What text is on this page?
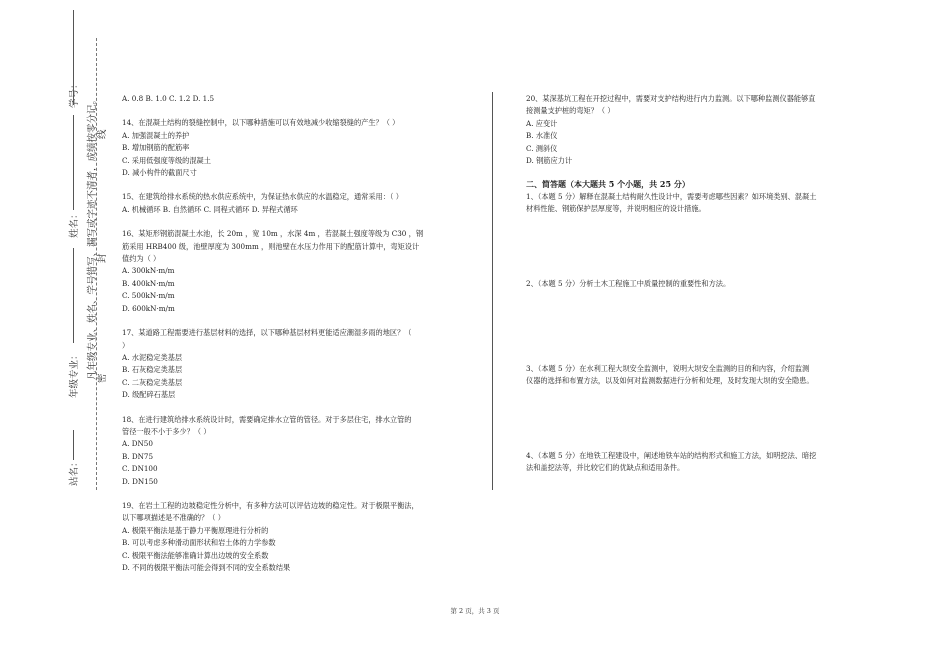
学号：
姓名：
年级专业：
站名：
凡年级专业、姓名、学号错写、漏写或字迹不清者，成绩按零分记。 线
封
密

A. 0.8 B. 1.0 C. 1.2 D. 1.5

14、在混凝土结构的裂缝控制中，以下哪种措施可以有效地减少收缩裂缝的产生？（ ）

A. 加强混凝土的养护

B. 增加钢筋的配筋率

C. 采用低强度等级的混凝土

D. 减小构件的截面尺寸

15、在建筑给排水系统的热水供应系统中，为保证热水供应的水温稳定，通常采用：（ ）

A. 机械循环 B. 自然循环 C. 同程式循环 D. 异程式循环

16、某矩形钢筋混凝土水池，长 20m ，宽 10m ，水深 4m ，若混凝土强度等级为 C30 ，钢

筋采用 HRB400 级，池壁厚度为 300mm ，则池壁在水压力作用下的配筋计算中，弯矩设计

值约为（ ）

A. 300kN·m/m

B. 400kN·m/m

C. 500kN·m/m

D. 600kN·m/m

17、某道路工程需要进行基层材料的选择，以下哪种基层材料更能适应潮湿多雨的地区？（

）

A. 水泥稳定类基层

B. 石灰稳定类基层

C. 二灰稳定类基层

D. 级配碎石基层

18、在进行建筑给排水系统设计时，需要确定排水立管的管径。对于多层住宅，排水立管的

管径一般不小于多少？（ ）

A. DN50

B. DN75

C. DN100

D. DN150

19、在岩土工程的边坡稳定性分析中，有多种方法可以评估边坡的稳定性。对于极限平衡法，

以下哪项描述是不准确的？（ ）

A. 极限平衡法是基于静力平衡原理进行分析的

B. 可以考虑多种滑动面形状和岩土体的力学参数

C. 极限平衡法能够准确计算出边坡的安全系数

D. 不同的极限平衡法可能会得到不同的安全系数结果

20、某深基坑工程在开挖过程中，需要对支护结构进行内力监测。以下哪种监测仪器能够直

接测量支护桩的弯矩？（ ）

A. 应变计

B. 水准仪

C. 测斜仪

D. 钢筋应力计

二、简答题（本大题共 5 个小题，共 25 分）

1、（本题 5 分）解释在混凝土结构耐久性设计中，需要考虑哪些因素？如环境类别、混凝土

材料性能、钢筋保护层厚度等，并说明相应的设计措施。

2、（本题 5 分）分析土木工程施工中质量控制的重要性和方法。

3、（本题 5 分）在水利工程大坝安全监测中，说明大坝安全监测的目的和内容，介绍监测

仪器的选择和布置方法，以及如何对监测数据进行分析和处理，及时发现大坝的安全隐患。

4、（本题 5 分）在地铁工程建设中，阐述地铁车站的结构形式和施工方法，如明挖法、暗挖

法和盖挖法等，并比较它们的优缺点和适用条件。

第 2 页，共 3 页
